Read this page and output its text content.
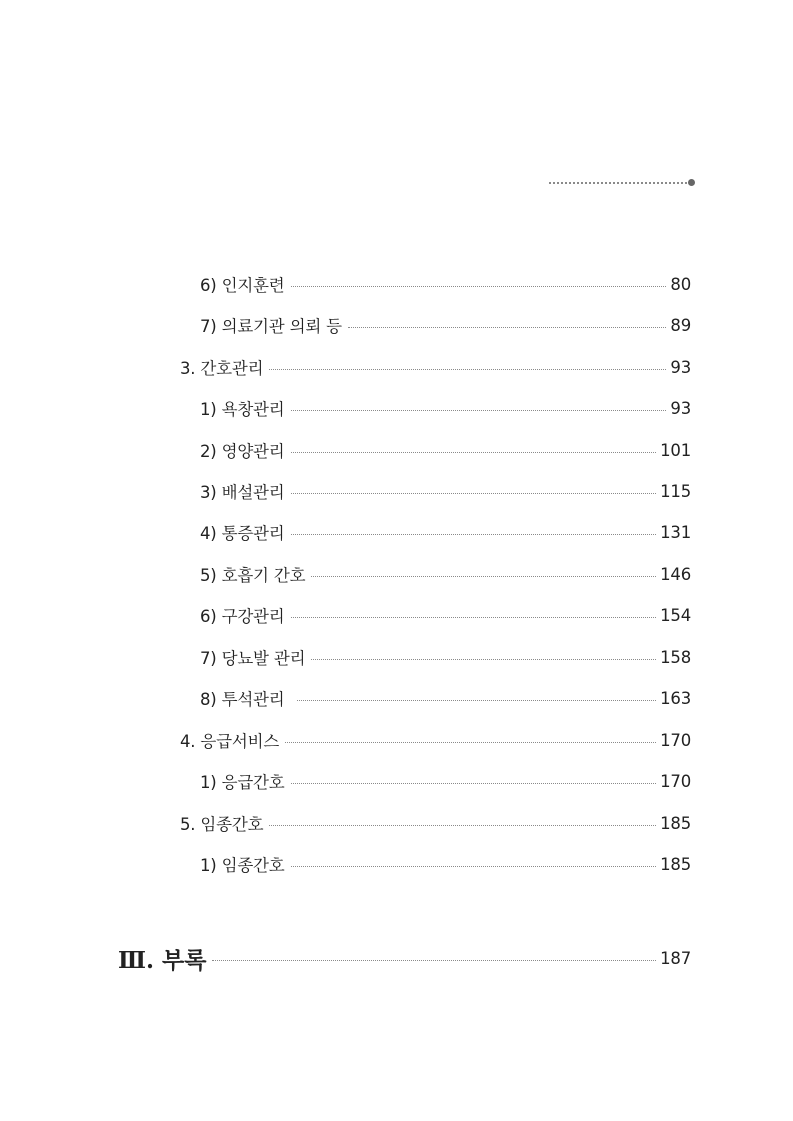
6) 인지훈련	80
7) 의료기관 의뢰 등	89
3. 간호관리	93
1) 욕창관리	93
2) 영양관리	101
3) 배설관리	115
4) 통증관리	131
5) 호흡기 간호	146
6) 구강관리	154
7) 당뇨발 관리	158
8) 투석관리	163
4. 응급서비스	170
1) 응급간호	170
5. 임종간호	185
1) 임종간호	185
Ⅲ. 부록	187
